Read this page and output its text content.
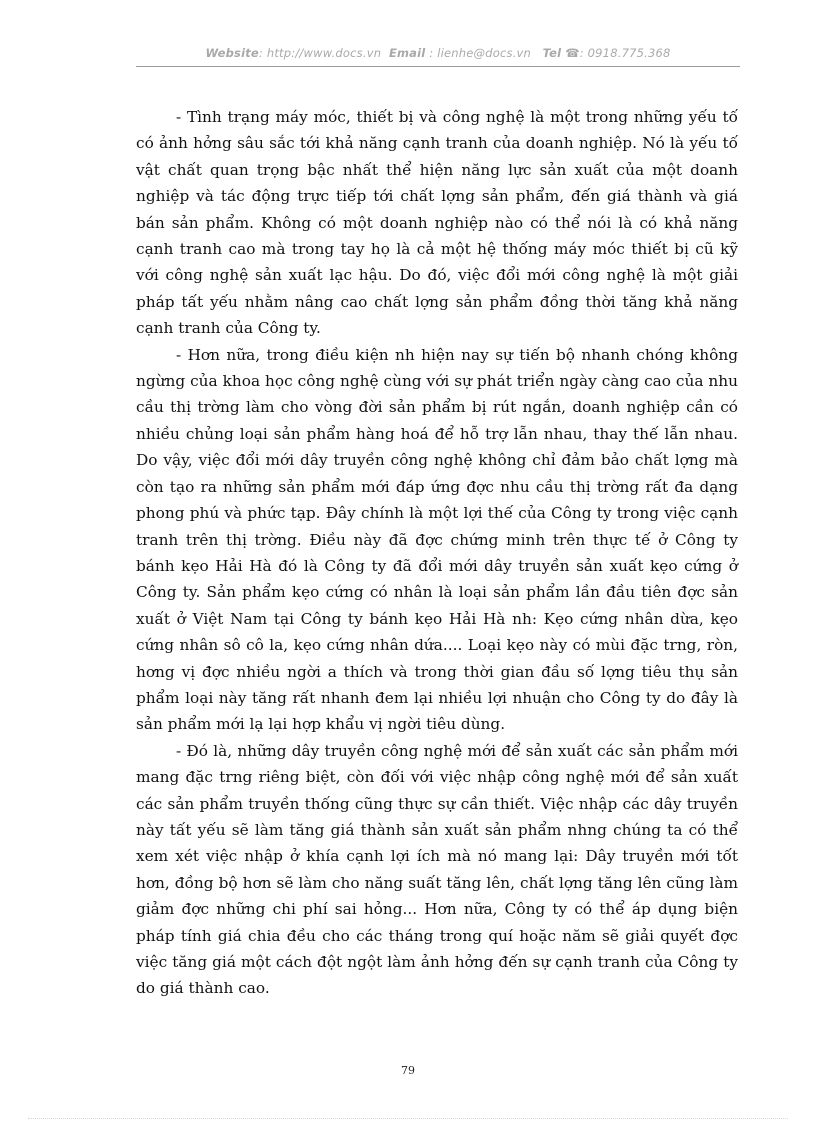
Website: http://www.docs.vn Email : lienhe@docs.vn Tel ☎: 0918.775.368

- Tình trạng máy móc, thiết bị và công nghệ là một trong những yếu tố có ảnh hởng sâu sắc tới khả năng cạnh tranh của doanh nghiệp. Nó là yếu tố vật chất quan trọng bậc nhất thể hiện năng lực sản xuất của một doanh nghiệp và tác động trực tiếp tới chất lợng sản phẩm, đến giá thành và giá bán sản phẩm. Không có một doanh nghiệp nào có thể nói là có khả năng cạnh tranh cao mà trong tay họ là cả một hệ thống máy móc thiết bị cũ kỹ với công nghệ sản xuất lạc hậu. Do đó, việc đổi mới công nghệ là một giải pháp tất yếu nhằm nâng cao chất lợng sản phẩm đồng thời tăng khả năng cạnh tranh của Công ty.

- Hơn nữa, trong điều kiện nh hiện nay sự tiến bộ nhanh chóng không ngừng của khoa học công nghệ cùng với sự phát triển ngày càng cao của nhu cầu thị trờng làm cho vòng đời sản phẩm bị rút ngắn, doanh nghiệp cần có nhiều chủng loại sản phẩm hàng hoá để hỗ trợ lẫn nhau, thay thế lẫn nhau. Do vậy, việc đổi mới dây truyền công nghệ không chỉ đảm bảo chất lợng mà còn tạo ra những sản phẩm mới đáp ứng đợc nhu cầu thị trờng rất đa dạng phong phú và phức tạp. Đây chính là một lợi thế của Công ty trong việc cạnh tranh trên thị trờng. Điều này đã đợc chứng minh trên thực tế ở Công ty bánh kẹo Hải Hà đó là Công ty đã đổi mới dây truyền sản xuất kẹo cứng ở Công ty. Sản phẩm kẹo cứng có nhân là loại sản phẩm lần đầu tiên đợc sản xuất ở Việt Nam tại Công ty bánh kẹo Hải Hà nh: Kẹo cứng nhân dừa, kẹo cứng nhân sô cô la, kẹo cứng nhân dứa.... Loại kẹo này có mùi đặc trng, ròn, hơng vị đợc nhiều ngời a thích và trong thời gian đầu số lợng tiêu thụ sản phẩm loại này tăng rất nhanh đem lại nhiều lợi nhuận cho Công ty do đây là sản phẩm mới lạ lại hợp khẩu vị ngời tiêu dùng.

- Đó là, những dây truyền công nghệ mới để sản xuất các sản phẩm mới mang đặc trng riêng biệt, còn đối với việc nhập công nghệ mới để sản xuất các sản phẩm truyền thống cũng thực sự cần thiết. Việc nhập các dây truyền này tất yếu sẽ làm tăng giá thành sản xuất sản phẩm nhng chúng ta có thể xem xét việc nhập ở khía cạnh lợi ích mà nó mang lại: Dây truyền mới tốt hơn, đồng bộ hơn sẽ làm cho năng suất tăng lên, chất lợng tăng lên cũng làm giảm đợc những chi phí sai hỏng... Hơn nữa, Công ty có thể áp dụng biện pháp tính giá chia đều cho các tháng trong quí hoặc năm sẽ giải quyết đợc việc tăng giá một cách đột ngột làm ảnh hởng đến sự cạnh tranh của Công ty do giá thành cao.

79
